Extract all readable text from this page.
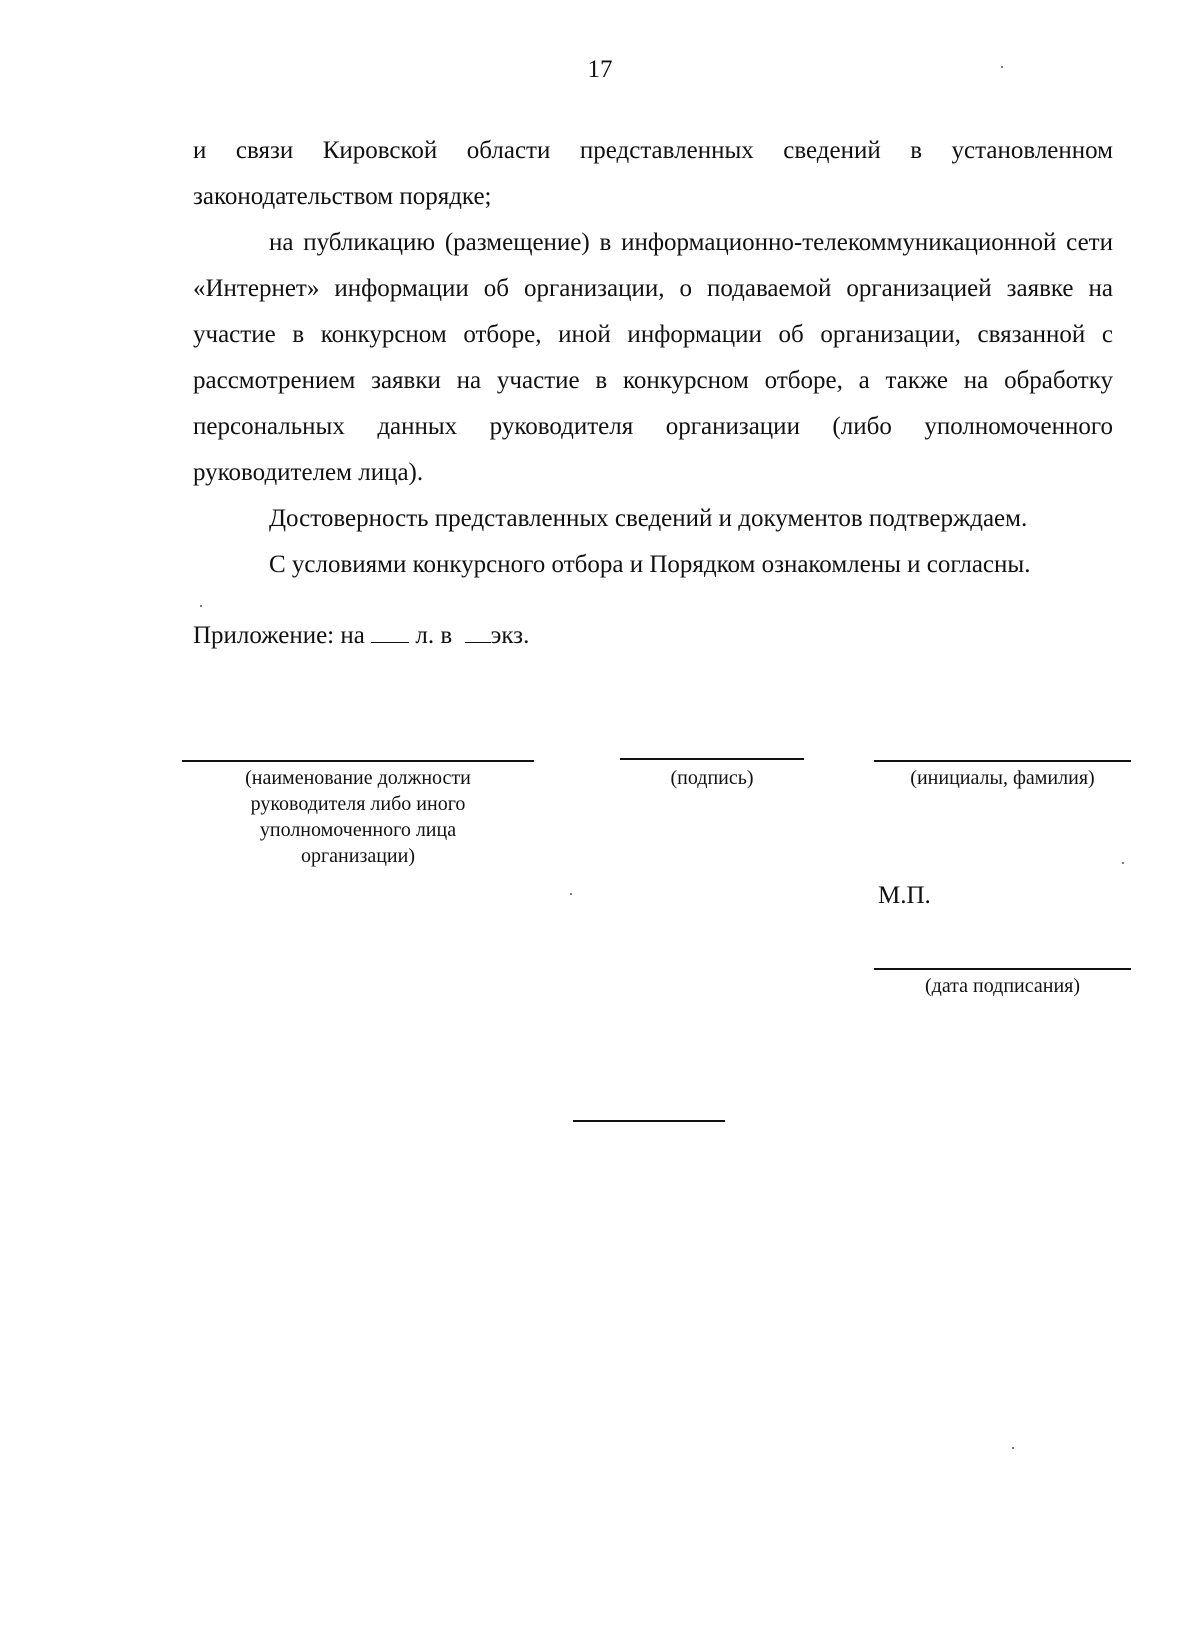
17

и связи Кировской области представленных сведений в установленном законодательством порядке;

на публикацию (размещение) в информационно-телекоммуникационной сети «Интернет» информации об организации, о подаваемой организацией заявке на участие в конкурсном отборе, иной информации об организации, связанной с рассмотрением заявки на участие в конкурсном отборе, а также на обработку персональных данных руководителя организации (либо уполномоченного руководителем лица).

Достоверность представленных сведений и документов подтверждаем.

С условиями конкурсного отбора и Порядком ознакомлены и согласны.

Приложение: на л. в экз.
(наименование должности руководителя либо иного уполномоченного лица организации)
(подпись)	(инициалы, фамилия)
М.П.
(дата подписания)
